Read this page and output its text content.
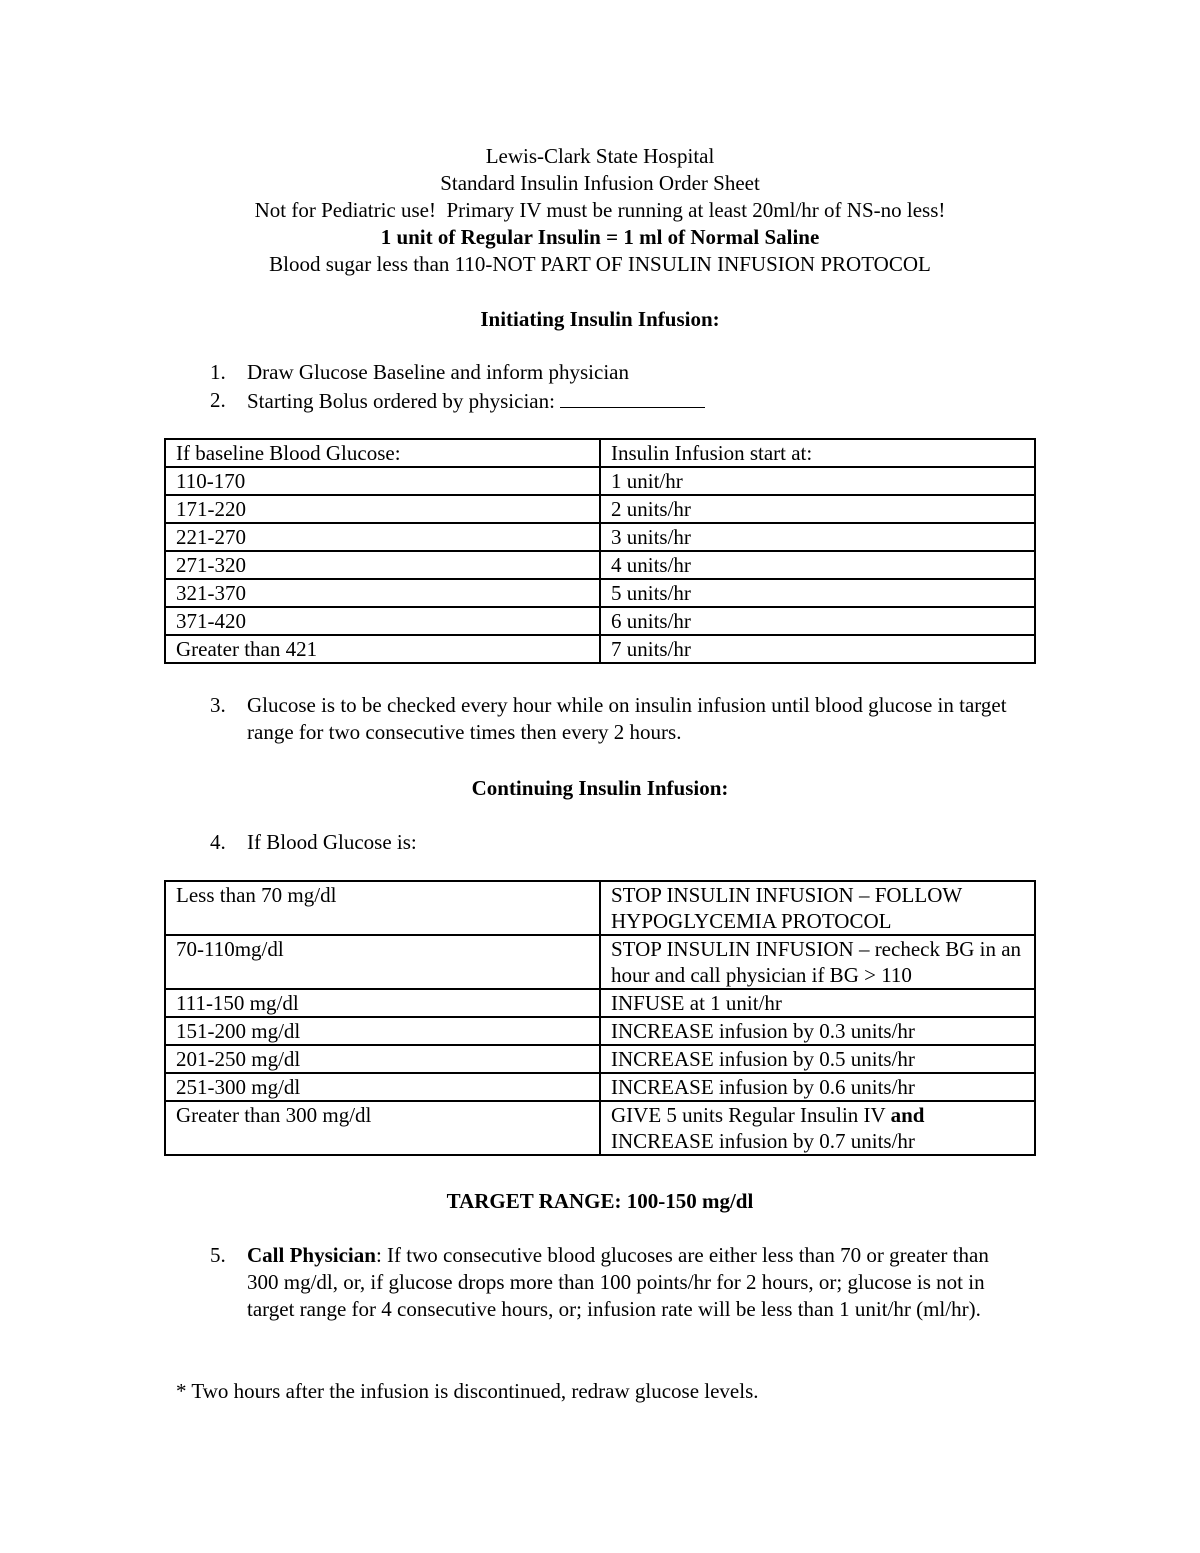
Lewis-Clark State Hospital
Standard Insulin Infusion Order Sheet
Not for Pediatric use!  Primary IV must be running at least 20ml/hr of NS-no less!
1 unit of Regular Insulin = 1 ml of Normal Saline
Blood sugar less than 110-NOT PART OF INSULIN INFUSION PROTOCOL
Initiating Insulin Infusion:
1.	Draw Glucose Baseline and inform physician
2.	Starting Bolus ordered by physician:
If baseline Blood Glucose:	Insulin Infusion start at:
110-170	1 unit/hr
171-220	2 units/hr
221-270	3 units/hr
271-320	4 units/hr
321-370	5 units/hr
371-420	6 units/hr
Greater than 421	7 units/hr
3.	Glucose is to be checked every hour while on insulin infusion until blood glucose in target range for two consecutive times then every 2 hours.
Continuing Insulin Infusion:
4.	If Blood Glucose is:
Less than 70 mg/dl	STOP INSULIN INFUSION – FOLLOW HYPOGLYCEMIA PROTOCOL
70-110mg/dl	STOP INSULIN INFUSION – recheck BG in an hour and call physician if BG > 110
111-150 mg/dl	INFUSE at 1 unit/hr
151-200 mg/dl	INCREASE infusion by 0.3 units/hr
201-250 mg/dl	INCREASE infusion by 0.5 units/hr
251-300 mg/dl	INCREASE infusion by 0.6 units/hr
Greater than 300 mg/dl	GIVE 5 units Regular Insulin IV and
INCREASE infusion by 0.7 units/hr
TARGET RANGE: 100-150 mg/dl
5.	Call Physician: If two consecutive blood glucoses are either less than 70 or greater than 300 mg/dl, or, if glucose drops more than 100 points/hr for 2 hours, or; glucose is not in target range for 4 consecutive hours, or; infusion rate will be less than 1 unit/hr (ml/hr).
* Two hours after the infusion is discontinued, redraw glucose levels.
